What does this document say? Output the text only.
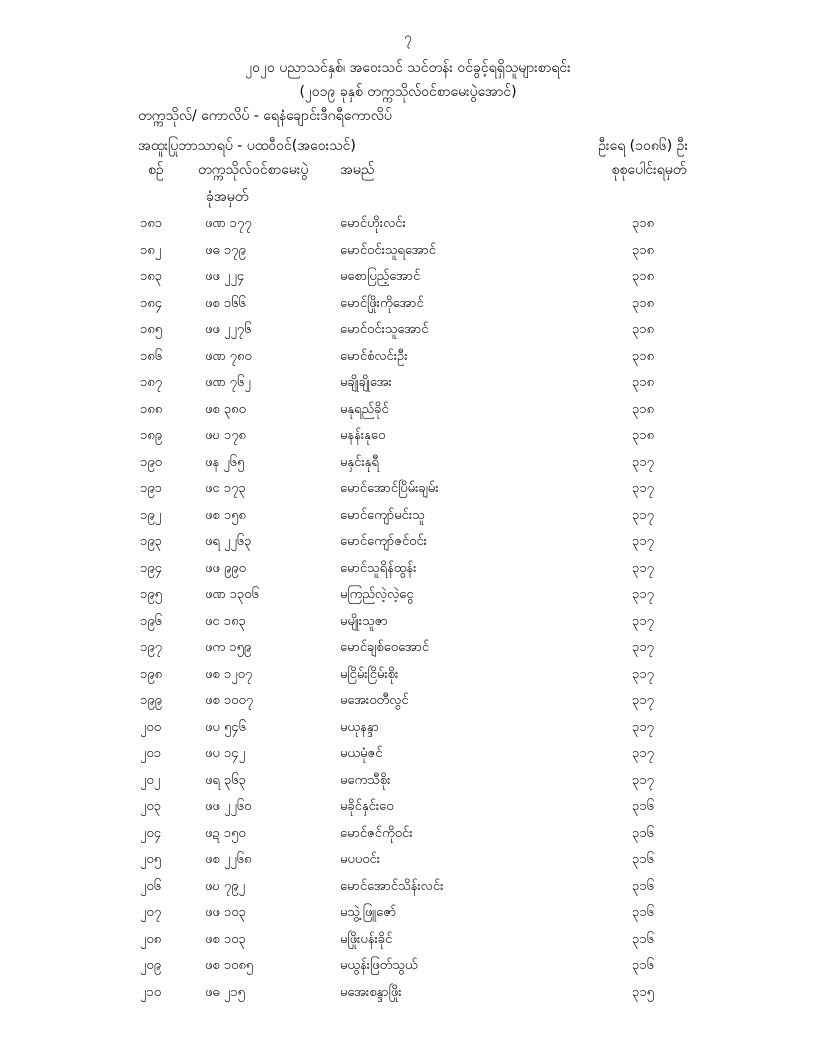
၇
၂၀၂၀ ပညာသင်နှစ်၊ အဝေးသင် သင်တန်း ဝင်ခွင့်ရရှိသူများစာရင်း
(၂၀၁၉ ခုနှစ် တက္ကသိုလ်ဝင်စာမေးပွဲအောင်)
တက္ကသိုလ်/ ကောလိပ် - ရေနံချောင်းဒီဂရီကောလိပ်
အထူးပြုဘာသာရပ် - ပထဝီဝင်(အဝေးသင်)	ဦးရေ (၁၀၈၆) ဦး
စဉ်	တက္ကသိုလ်ဝင်စာမေးပွဲ
ခုံအမှတ်
အမည်	စုစုပေါင်းရမှတ်
၁၈၁	ဖဏ ၁၇၇	မောင်ဟိုးလင်း	၃၁၈
၁၈၂	ဖဓ ၁၇၉	မောင်ဝင်းသူရအောင်	၃၁၈
၁၈၃	ဖဖ ၂၂၄	မစောပြည့်အောင်	၃၁၈
၁၈၄	ဖစ ၁၆၆	မောင်ဖြိုးကိုအောင်	၃၁၈
၁၈၅	ဖဖ ၂၂၇၆	မောင်ဝင်းသူအောင်	၃၁၈
၁၈၆	ဖဏ ၇၈၀	မောင်စံလင်းဦး	၃၁၈
၁၈၇	ဖဏ ၇၆၂	မချိုချိုအေး	၃၁၈
၁၈၈	ဖစ ၃၈၀	မနုရည်ခိုင်	၃၁၈
၁၈၉	ဖဎ ၁၇၈	မနန်းနုဝေ	၃၁၈
၁၉၀	ဖန ၂၆၅	မနှင်းနုရီ	၃၁၇
၁၉၁	ဖင ၁၇၃	မောင်အောင်ပြိမ်းချမ်း	၃၁၇
၁၉၂	ဖစ ၁၅၈	မောင်ကျော်မင်းသူ	၃၁၇
၁၉၃	ဖရ ၂၂၆၃	မောင်ကျော်ဇင်ဝင်း	၃၁၇
၁၉၄	ဖဖ ၉၉၀	မောင်သူရိန်ထွန်း	၃၁၇
၁၉၅	ဖဏ ၁၃၀၆	မကြည်လဲ့လဲ့ငွေ	၃၁၇
၁၉၆	ဖင ၁၈၃	မမျိုးသူဇာ	၃၁၇
၁၉၇	ဖက ၁၅၉	မောင်ချစ်ဝေအောင်	၃၁၇
၁၉၈	ဖစ ၁၂၀၇	မငြိမ်းငြိမ်းစိုး	၃၁၇
၁၉၉	ဖစ ၁၀၀၇	မအေးဝတီလွင်	၃၁၇
၂၀၀	ဖပ ၅၄၆	မယုနန္ဒာ	၃၁၇
၂၀၁	ဖပ ၁၄၂	မယမုံဇင်	၃၁၇
၂၀၂	ဖရ ၃၆၃	မကေသီစိုး	၃၁၇
၂၀၃	ဖဖ ၂၂၆၀	မခိုင်နှင်းဝေ	၃၁၆
၂၀၄	ဖဍ ၁၅၀	မောင်ဇင်ကိုဝင်း	၃၁၆
၂၀၅	ဖစ ၂၂၆၈	မပပဝင်း	၃၁၆
၂၀၆	ဖဎ ၇၉၂	မောင်အောင်သိန်းလင်း	၃၁၆
၂၀၇	ဖဖ ၁၀၃	မသွဲ့ဖြူဇော်	၃၁၆
၂၀၈	ဖစ ၁၀၃	မဖြိုးပန်းခိုင်	၃၁၆
၂၀၉	ဖစ ၁၀၈၅	မယွန်းဖြတ်သွယ်	၃၁၆
၂၁၀	ဖဓ ၂၁၅	မအေးစန္ဒာဖြိုး	၃၁၅
